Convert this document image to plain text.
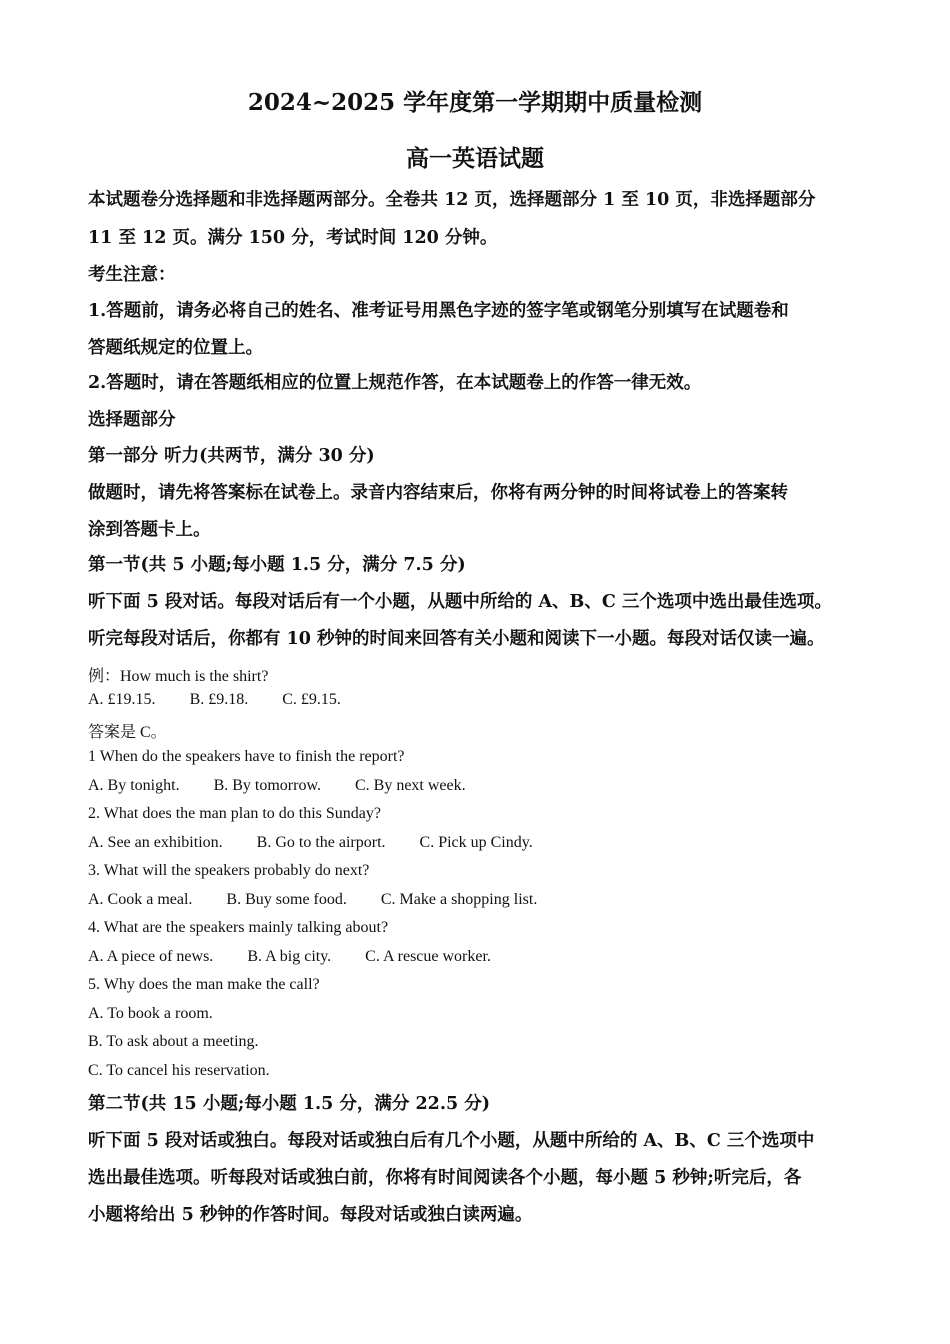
2024~2025 学年度第一学期期中质量检测
高一英语试题
本试题卷分选择题和非选择题两部分。全卷共 12 页，选择题部分 1 至 10 页，非选择题部分
11 至 12 页。满分 150 分，考试时间 120 分钟。
考生注意：
1.答题前，请务必将自己的姓名、准考证号用黑色字迹的签字笔或钢笔分别填写在试题卷和
答题纸规定的位置上。
2.答题时，请在答题纸相应的位置上规范作答，在本试题卷上的作答一律无效。
选择题部分
第一部分 听力(共两节，满分 30 分)
做题时，请先将答案标在试卷上。录音内容结束后，你将有两分钟的时间将试卷上的答案转
涂到答题卡上。
第一节(共 5 小题;每小题 1.5 分，满分 7.5 分)
听下面 5 段对话。每段对话后有一个小题，从题中所给的 A、B、C 三个选项中选出最佳选项。
听完每段对话后，你都有 10 秒钟的时间来回答有关小题和阅读下一小题。每段对话仅读一遍。
例：How much is the shirt?
A. £19.15. B. £9.18. C. £9.15.
答案是 C。
1 When do the speakers have to finish the report?
A. By tonight. B. By tomorrow. C. By next week.
2. What does the man plan to do this Sunday?
A. See an exhibition. B. Go to the airport. C. Pick up Cindy.
3. What will the speakers probably do next?
A. Cook a meal. B. Buy some food. C. Make a shopping list.
4. What are the speakers mainly talking about?
A. A piece of news. B. A big city. C. A rescue worker.
5. Why does the man make the call?
A. To book a room.
B. To ask about a meeting.
C. To cancel his reservation.
第二节(共 15 小题;每小题 1.5 分，满分 22.5 分)
听下面 5 段对话或独白。每段对话或独白后有几个小题，从题中所给的 A、B、C 三个选项中
选出最佳选项。听每段对话或独白前，你将有时间阅读各个小题，每小题 5 秒钟;听完后，各
小题将给出 5 秒钟的作答时间。每段对话或独白读两遍。
